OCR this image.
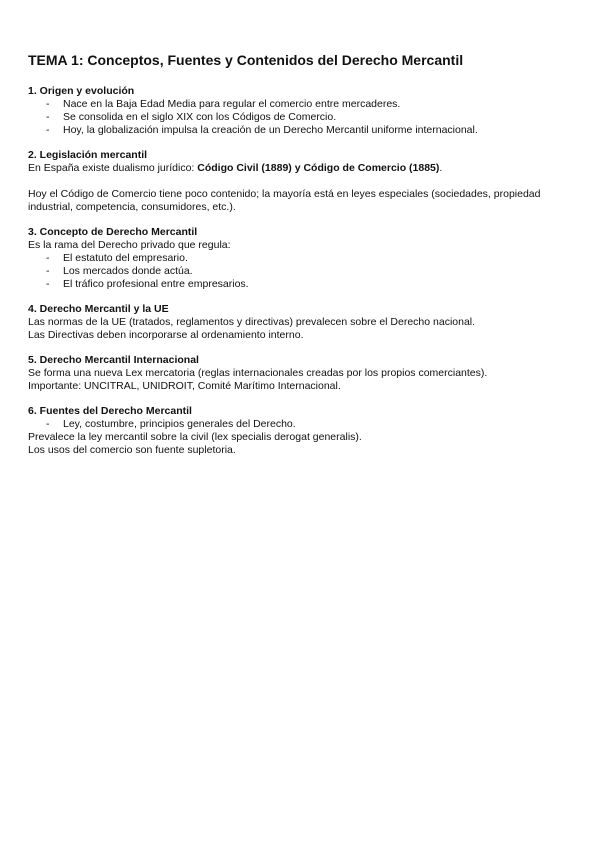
TEMA 1: Conceptos, Fuentes y Contenidos del Derecho Mercantil

1. Origen y evolución

- Nace en la Baja Edad Media para regular el comercio entre mercaderes.

- Se consolida en el siglo XIX con los Códigos de Comercio.

- Hoy, la globalización impulsa la creación de un Derecho Mercantil uniforme internacional.

2. Legislación mercantil

En España existe dualismo jurídico: Código Civil (1889) y Código de Comercio (1885).

Hoy el Código de Comercio tiene poco contenido; la mayoría está en leyes especiales (sociedades, propiedad

industrial, competencia, consumidores, etc.).

3. Concepto de Derecho Mercantil

Es la rama del Derecho privado que regula:

- El estatuto del empresario.

- Los mercados donde actúa.

- El tráfico profesional entre empresarios.

4. Derecho Mercantil y la UE

Las normas de la UE (tratados, reglamentos y directivas) prevalecen sobre el Derecho nacional.

Las Directivas deben incorporarse al ordenamiento interno.

5. Derecho Mercantil Internacional

Se forma una nueva Lex mercatoria (reglas internacionales creadas por los propios comerciantes).

Importante: UNCITRAL, UNIDROIT, Comité Marítimo Internacional.

6. Fuentes del Derecho Mercantil

- Ley, costumbre, principios generales del Derecho.

Prevalece la ley mercantil sobre la civil (lex specialis derogat generalis).

Los usos del comercio son fuente supletoria.
